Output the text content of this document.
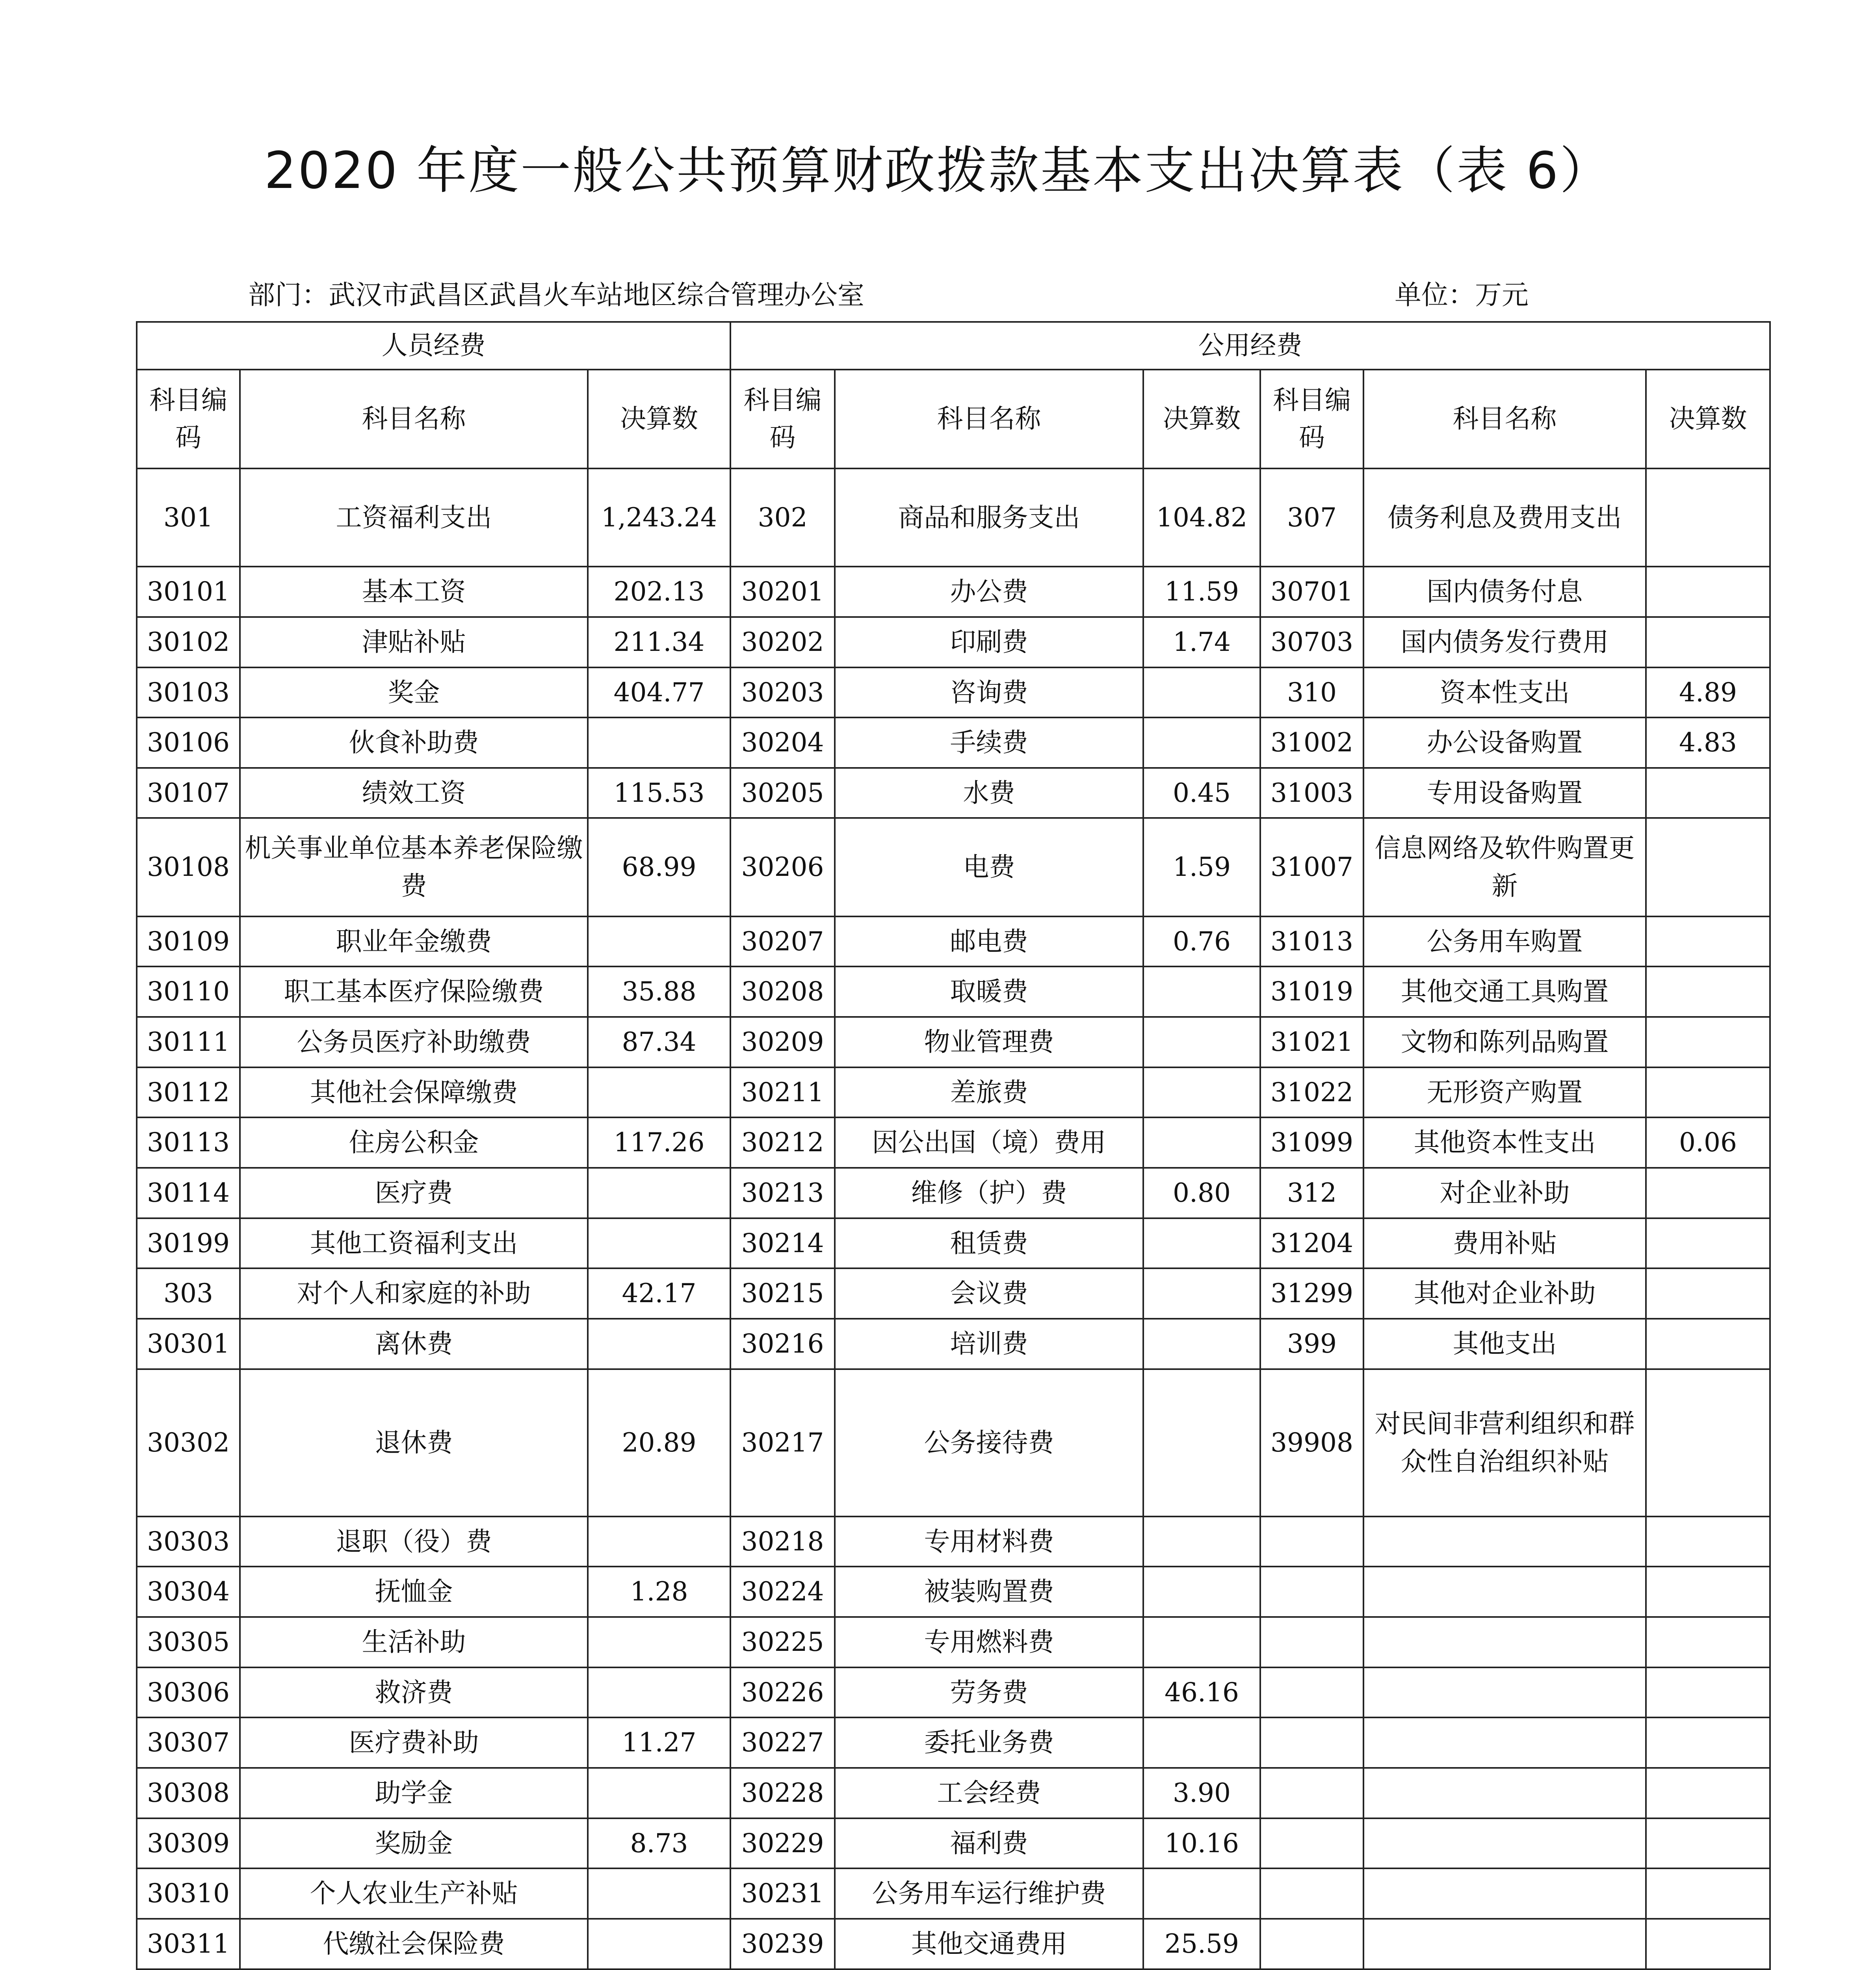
2020 年度一般公共预算财政拨款基本支出决算表（表 6）
部门：武汉市武昌区武昌火车站地区综合管理办公室	单位：万元
人员经费			公用经费					
科目编码	科目名称	决算数	科目编码	科目名称	决算数	科目编码	科目名称	决算数
301	工资福利支出	1,243.24	302	商品和服务支出	104.82	307	债务利息及费用支出	
30101	基本工资	202.13	30201	办公费	11.59	30701	国内债务付息	
30102	津贴补贴	211.34	30202	印刷费	1.74	30703	国内债务发行费用	
30103	奖金	404.77	30203	咨询费		310	资本性支出	4.89
30106	伙食补助费		30204	手续费		31002	办公设备购置	4.83
30107	绩效工资	115.53	30205	水费	0.45	31003	专用设备购置	
30108	机关事业单位基本养老保险缴费	68.99	30206	电费	1.59	31007	信息网络及软件购置更新	
30109	职业年金缴费		30207	邮电费	0.76	31013	公务用车购置	
30110	职工基本医疗保险缴费	35.88	30208	取暖费		31019	其他交通工具购置	
30111	公务员医疗补助缴费	87.34	30209	物业管理费		31021	文物和陈列品购置	
30112	其他社会保障缴费		30211	差旅费		31022	无形资产购置	
30113	住房公积金	117.26	30212	因公出国（境）费用		31099	其他资本性支出	0.06
30114	医疗费		30213	维修（护）费	0.80	312	对企业补助	
30199	其他工资福利支出		30214	租赁费		31204	费用补贴	
303	对个人和家庭的补助	42.17	30215	会议费		31299	其他对企业补助	
30301	离休费		30216	培训费		399	其他支出	
30302	退休费	20.89	30217	公务接待费		39908	对民间非营利组织和群众性自治组织补贴	
30303	退职（役）费		30218	专用材料费				
30304	抚恤金	1.28	30224	被装购置费				
30305	生活补助		30225	专用燃料费				
30306	救济费		30226	劳务费	46.16			
30307	医疗费补助	11.27	30227	委托业务费				
30308	助学金		30228	工会经费	3.90			
30309	奖励金	8.73	30229	福利费	10.16			
30310	个人农业生产补贴		30231	公务用车运行维护费				
30311	代缴社会保险费		30239	其他交通费用	25.59			
